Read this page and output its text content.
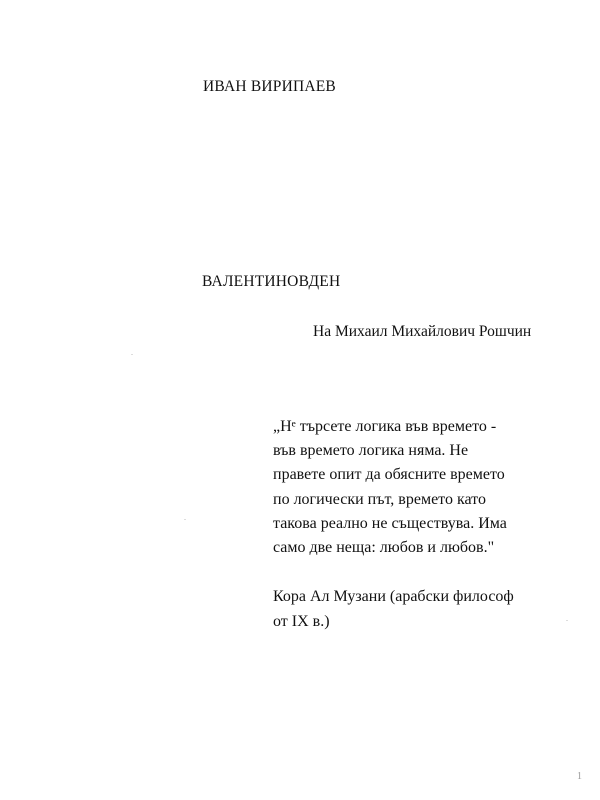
ИВАН ВИРИПАЕВ
ВАЛЕНТИНОВДЕН
На Михаил Михайлович Рошчин
„Нᵉ търсете логика във времето -
във времето логика няма. Не
правете опит да обясните времето
по логически път, времето като
такова реално не съществува. Има
само две неща: любов и любов."
Кора Ал Музани (арабски философ
от IX в.)
1
